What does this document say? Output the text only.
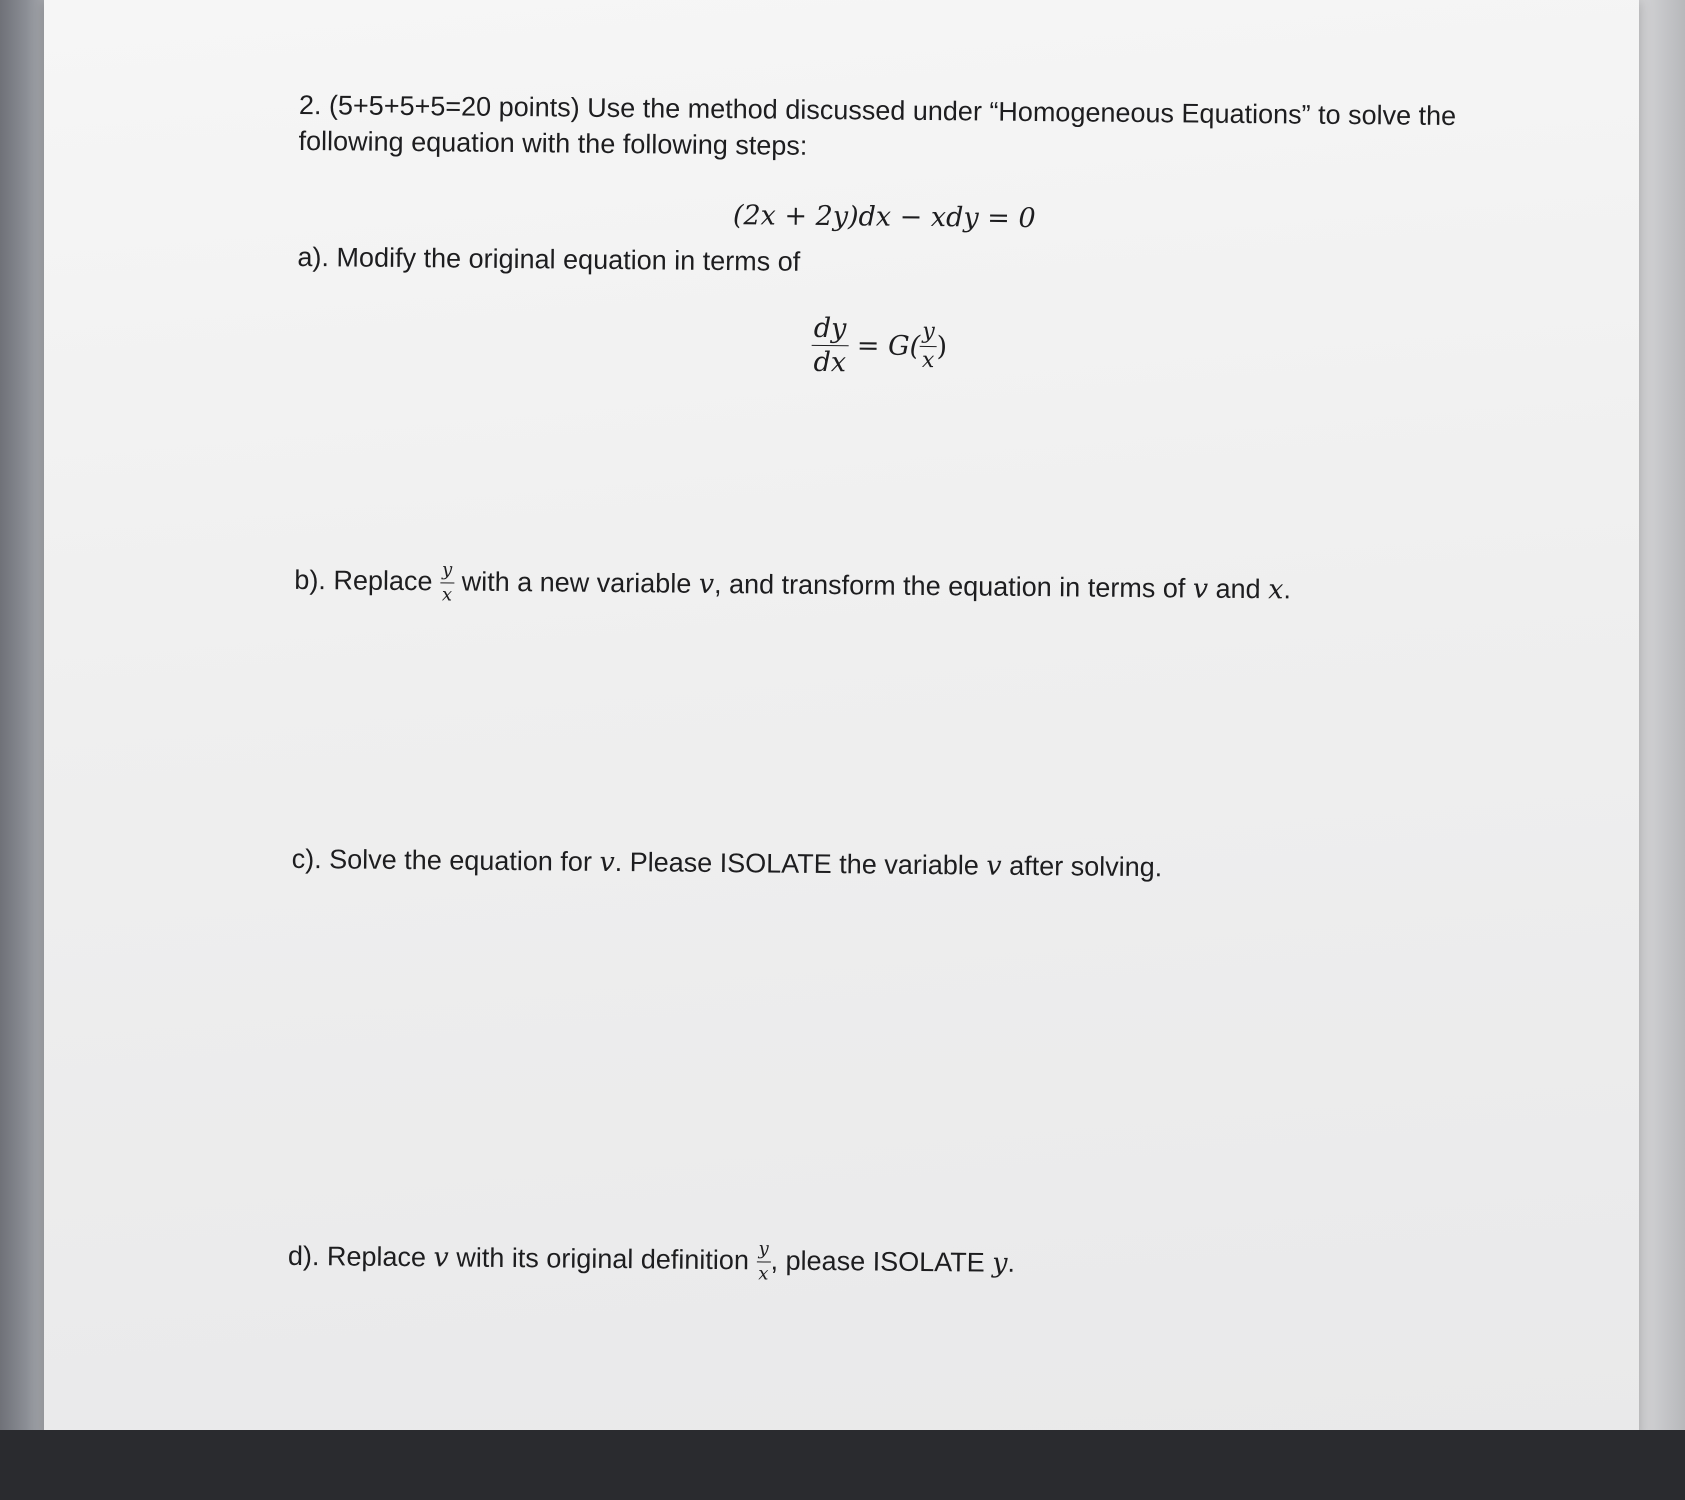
2. (5+5+5+5=20 points) Use the method discussed under “Homogeneous Equations” to solve the
following equation with the following steps:
(2x + 2y)dx − xdy = 0
a). Modify the original equation in terms of
$\frac{dy}{dx} = G( \frac{y}{x}$ )
b). Replace $\frac{y}{x}$ with a new variable v, and transform the equation in terms of v and x.
c). Solve the equation for v. Please ISOLATE the variable v after solving.
d). Replace v with its original definition $\frac{y}{x}$ , please ISOLATE y.
